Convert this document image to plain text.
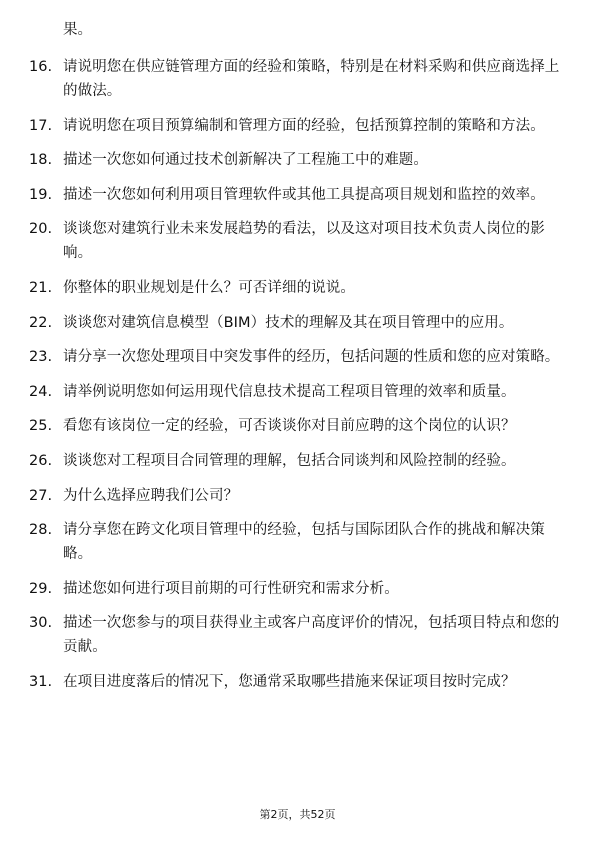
果。
16. 请说明您在供应链管理方面的经验和策略，特别是在材料采购和供应商选择上的做法。
17. 请说明您在项目预算编制和管理方面的经验，包括预算控制的策略和方法。
18. 描述一次您如何通过技术创新解决了工程施工中的难题。
19. 描述一次您如何利用项目管理软件或其他工具提高项目规划和监控的效率。
20. 谈谈您对建筑行业未来发展趋势的看法，以及这对项目技术负责人岗位的影响。
21. 你整体的职业规划是什么？可否详细的说说。
22. 谈谈您对建筑信息模型（BIM）技术的理解及其在项目管理中的应用。
23. 请分享一次您处理项目中突发事件的经历，包括问题的性质和您的应对策略。
24. 请举例说明您如何运用现代信息技术提高工程项目管理的效率和质量。
25. 看您有该岗位一定的经验，可否谈谈你对目前应聘的这个岗位的认识？
26. 谈谈您对工程项目合同管理的理解，包括合同谈判和风险控制的经验。
27. 为什么选择应聘我们公司？
28. 请分享您在跨文化项目管理中的经验，包括与国际团队合作的挑战和解决策略。
29. 描述您如何进行项目前期的可行性研究和需求分析。
30. 描述一次您参与的项目获得业主或客户高度评价的情况，包括项目特点和您的贡献。
31. 在项目进度落后的情况下，您通常采取哪些措施来保证项目按时完成？
第2页，共52页
